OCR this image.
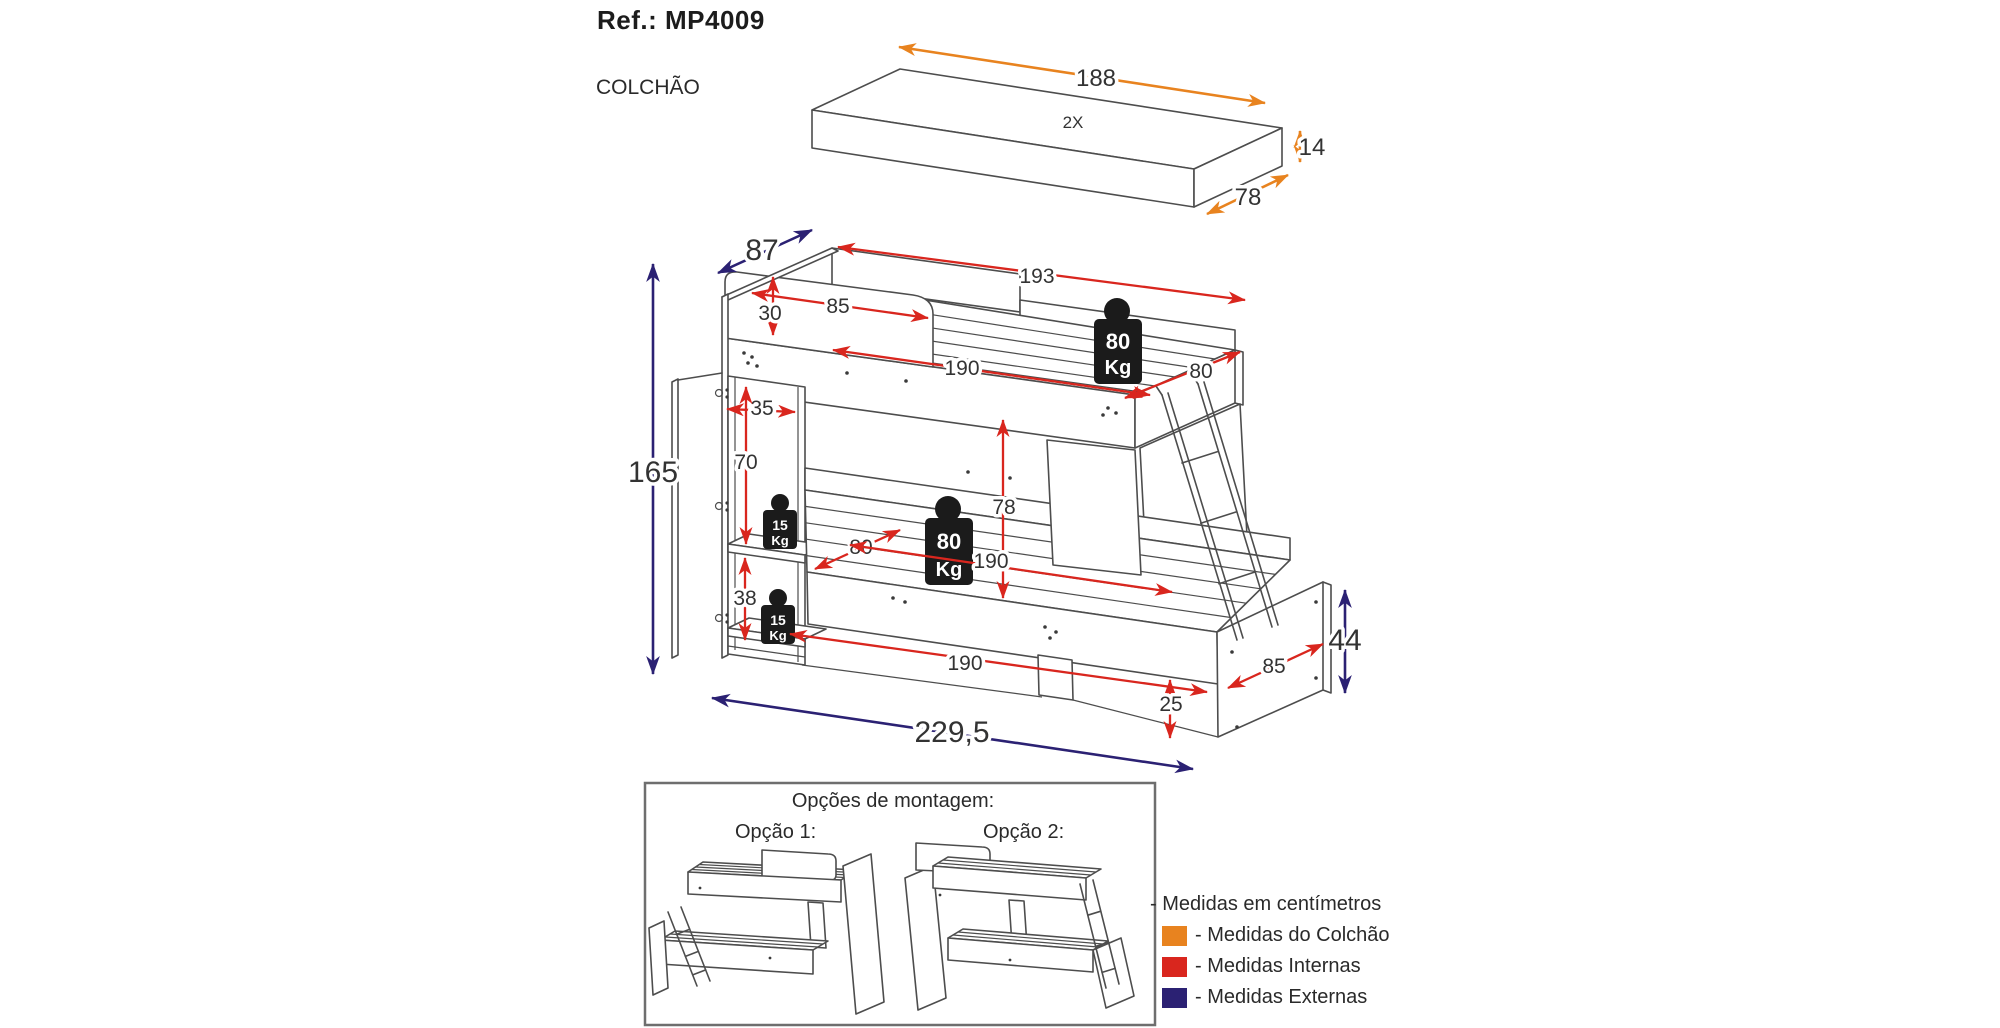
Ref.: MP4009
COLCHÃO
2X
188
14
78
80
Kg
15
Kg
15
Kg
80
Kg
193
85
30
190	80
35
70
38
78
80
190
190	85
25
87
165
44
229,5
Opções de montagem:
Opção 1:	Opção 2:
- Medidas em centímetros
- Medidas do Colchão
- Medidas Internas
- Medidas Externas
